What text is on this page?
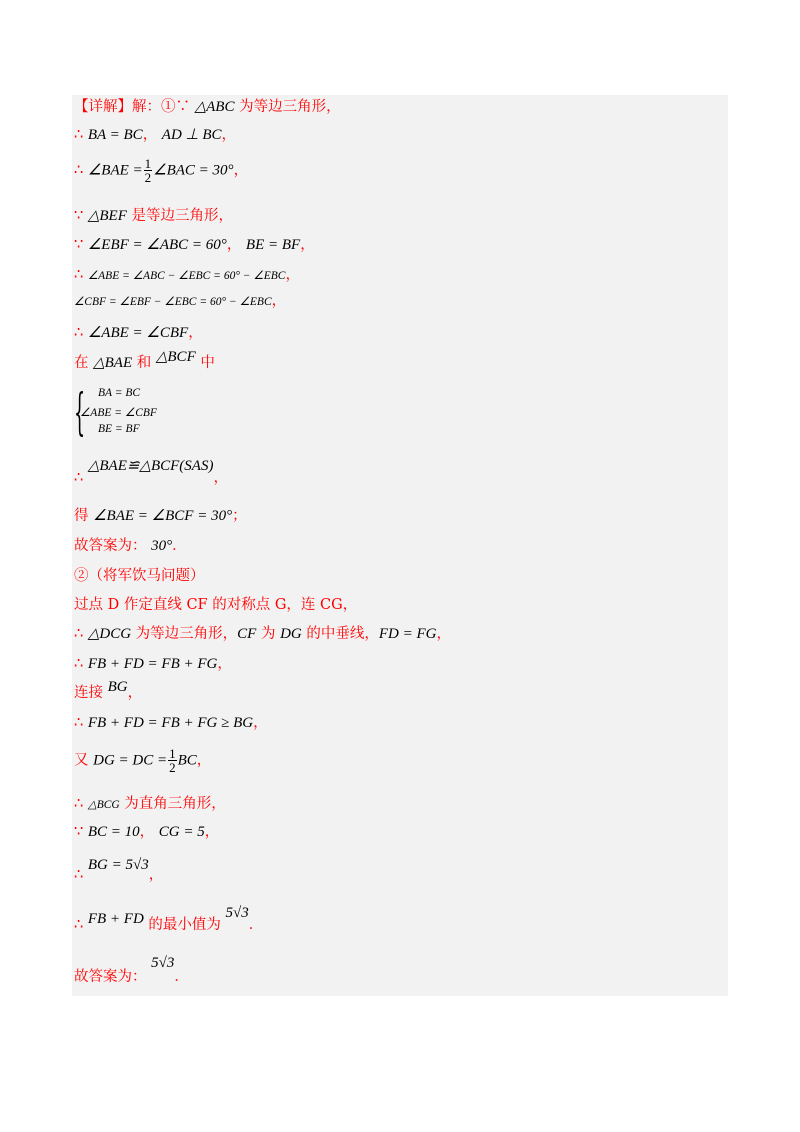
【详解】解：①∵ △ABC 为等边三角形，
∴ BA = BC， AD ⊥ BC，
∴ ∠BAE = $\frac{1}{2}$ ∠BAC = 30°，
∵ △BEF 是等边三角形，
∵ ∠EBF = ∠ABC = 60°， BE = BF，
∴ ∠ABE = ∠ABC − ∠EBC = 60° − ∠EBC，
∠CBF = ∠EBF − ∠EBC = 60° − ∠EBC，
∴ ∠ABE = ∠CBF，
在 △BAE 和 △BCF 中
{ BA = BC
∠ABE = ∠CBF
BE = BF
∴ △BAE≌△BCF(SAS)，
得 ∠BAE = ∠BCF = 30°；
故答案为： 30°．
②（将军饮马问题）
过点 D 作定直线 CF 的对称点 G，连 CG，
∴ △DCG 为等边三角形，CF 为 DG 的中垂线，FD = FG，
∴ FB + FD = FB + FG，
连接 BG，
∴ FB + FD = FB + FG ≥ BG，
又 DG = DC = $\frac{1}{2}$ BC，
∴ △BCG 为直角三角形，
∵ BC = 10， CG = 5，
∴ BG = 5√3，
∴ FB + FD 的最小值为 5√3．
故答案为： 5√3．
